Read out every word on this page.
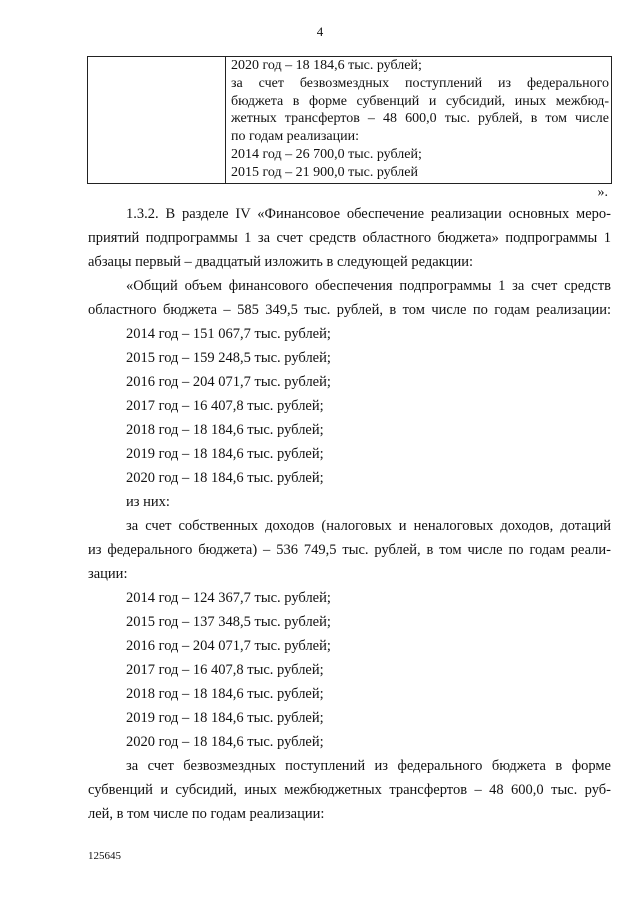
4
2020 год – 18 184,6 тыс. рублей;
за счет безвозмездных поступлений из федерального
бюджета в форме субвенций и субсидий, иных межбюд-
жетных трансфертов – 48 600,0 тыс. рублей, в том числе
по годам реализации:
2014 год – 26 700,0 тыс. рублей;
2015 год – 21 900,0 тыс. рублей
».
1.3.2. В разделе IV «Финансовое обеспечение реализации основных меро-
приятий подпрограммы 1 за счет средств областного бюджета» подпрограммы 1
абзацы первый – двадцатый изложить в следующей редакции:
«Общий объем финансового обеспечения подпрограммы 1 за счет средств
областного бюджета – 585 349,5 тыс. рублей, в том числе по годам реализации:
2014 год – 151 067,7 тыс. рублей;
2015 год – 159 248,5 тыс. рублей;
2016 год – 204 071,7 тыс. рублей;
2017 год – 16 407,8 тыс. рублей;
2018 год – 18 184,6 тыс. рублей;
2019 год – 18 184,6 тыс. рублей;
2020 год – 18 184,6 тыс. рублей;
из них:
за счет собственных доходов (налоговых и неналоговых доходов, дотаций
из федерального бюджета) – 536 749,5 тыс. рублей, в том числе по годам реали-
зации:
2014 год – 124 367,7 тыс. рублей;
2015 год – 137 348,5 тыс. рублей;
2016 год – 204 071,7 тыс. рублей;
2017 год – 16 407,8 тыс. рублей;
2018 год – 18 184,6 тыс. рублей;
2019 год – 18 184,6 тыс. рублей;
2020 год – 18 184,6 тыс. рублей;
за счет безвозмездных поступлений из федерального бюджета в форме
субвенций и субсидий, иных межбюджетных трансфертов – 48 600,0 тыс. руб-
лей, в том числе по годам реализации:
125645
